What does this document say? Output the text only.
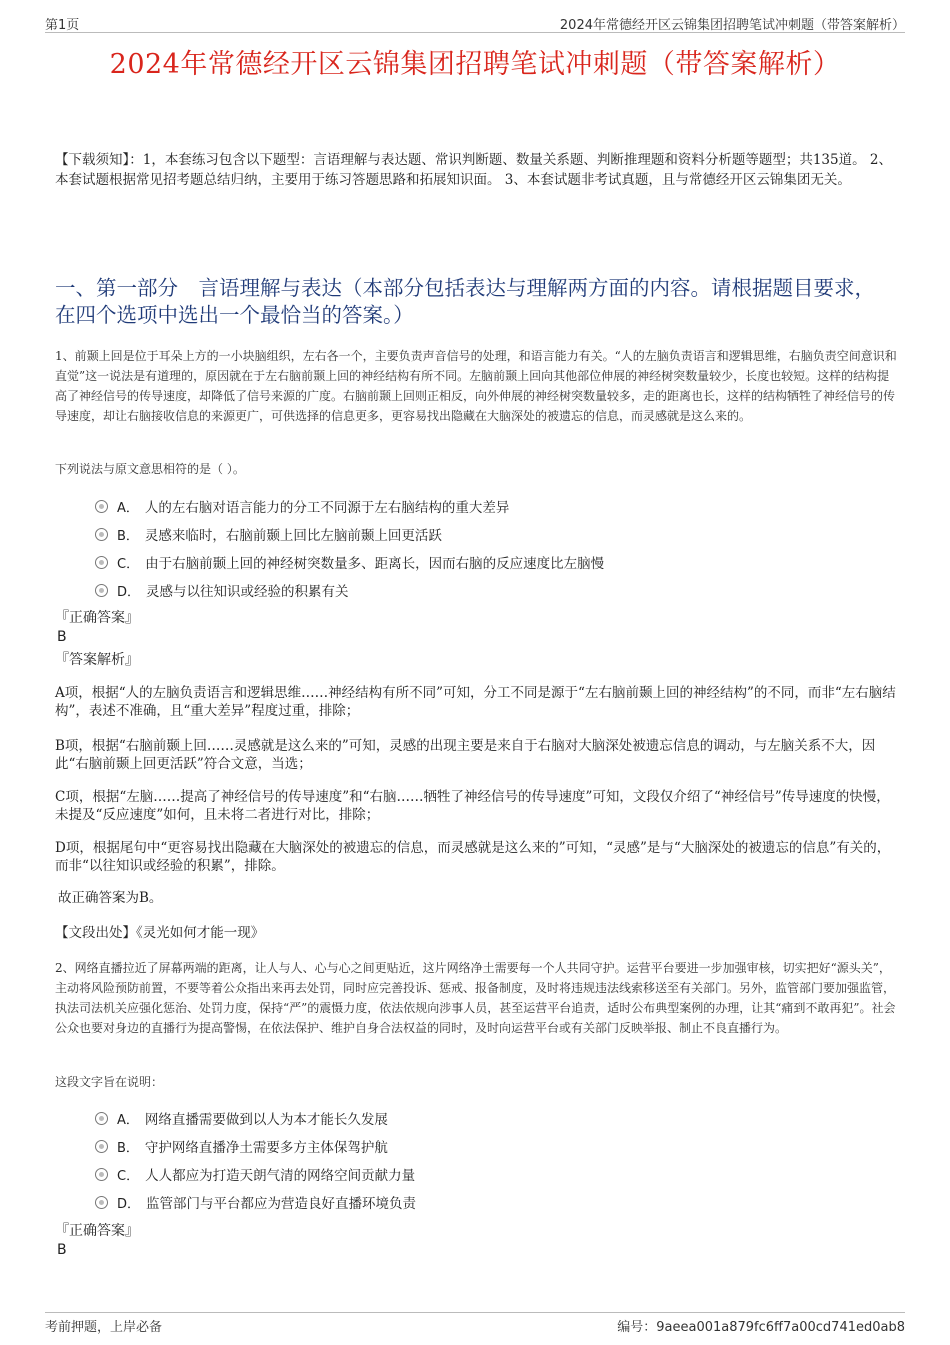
第1页	2024年常德经开区云锦集团招聘笔试冲刺题（带答案解析）
2024年常德经开区云锦集团招聘笔试冲刺题（带答案解析）
【下载须知】：1，本套练习包含以下题型：言语理解与表达题、常识判断题、数量关系题、判断推理题和资料分析题等题型；共135道。 2、本套试题根据常见招考题总结归纳，主要用于练习答题思路和拓展知识面。 3、本套试题非考试真题，且与常德经开区云锦集团无关。
一、第一部分　言语理解与表达（本部分包括表达与理解两方面的内容。请根据题目要求，在四个选项中选出一个最恰当的答案。）
1、前颞上回是位于耳朵上方的一小块脑组织，左右各一个，主要负责声音信号的处理，和语言能力有关。“人的左脑负责语言和逻辑思维，右脑负责空间意识和直觉”这一说法是有道理的，原因就在于左右脑前颞上回的神经结构有所不同。左脑前颞上回向其他部位伸展的神经树突数量较少，长度也较短。这样的结构提高了神经信号的传导速度，却降低了信号来源的广度。右脑前颞上回则正相反，向外伸展的神经树突数量较多，走的距离也长，这样的结构牺牲了神经信号的传导速度，却让右脑接收信息的来源更广，可供选择的信息更多，更容易找出隐藏在大脑深处的被遗忘的信息，而灵感就是这么来的。
下列说法与原文意思相符的是（ ）。
A． 人的左右脑对语言能力的分工不同源于左右脑结构的重大差异
B． 灵感来临时，右脑前颞上回比左脑前颞上回更活跃
C． 由于右脑前颞上回的神经树突数量多、距离长，因而右脑的反应速度比左脑慢
D． 灵感与以往知识或经验的积累有关
『正确答案』
B
『答案解析』
A项，根据“人的左脑负责语言和逻辑思维……神经结构有所不同”可知，分工不同是源于“左右脑前颞上回的神经结构”的不同，而非“左右脑结构”，表述不准确，且“重大差异”程度过重，排除；
B项，根据“右脑前颞上回……灵感就是这么来的”可知，灵感的出现主要是来自于右脑对大脑深处被遗忘信息的调动，与左脑关系不大，因此“右脑前颞上回更活跃”符合文意，当选；
C项，根据“左脑……提高了神经信号的传导速度”和“右脑……牺牲了神经信号的传导速度”可知，文段仅介绍了“神经信号”传导速度的快慢，未提及“反应速度”如何，且未将二者进行对比，排除；
D项，根据尾句中“更容易找出隐藏在大脑深处的被遗忘的信息，而灵感就是这么来的”可知，“灵感”是与“大脑深处的被遗忘的信息”有关的，而非“以往知识或经验的积累”，排除。
故正确答案为B。
【文段出处】《灵光如何才能一现》
2、网络直播拉近了屏幕两端的距离，让人与人、心与心之间更贴近，这片网络净土需要每一个人共同守护。运营平台要进一步加强审核，切实把好“源头关”，主动将风险预防前置，不要等着公众指出来再去处罚，同时应完善投诉、惩戒、报备制度，及时将违规违法线索移送至有关部门。另外，监管部门要加强监管，执法司法机关应强化惩治、处罚力度，保持“严”的震慑力度，依法依规向涉事人员，甚至运营平台追责，适时公布典型案例的办理，让其“痛到不敢再犯”。社会公众也要对身边的直播行为提高警惕，在依法保护、维护自身合法权益的同时，及时向运营平台或有关部门反映举报、制止不良直播行为。
这段文字旨在说明：
A． 网络直播需要做到以人为本才能长久发展
B． 守护网络直播净土需要多方主体保驾护航
C． 人人都应为打造天朗气清的网络空间贡献力量
D． 监管部门与平台都应为营造良好直播环境负责
『正确答案』
B
考前押题，上岸必备	编号：9aeea001a879fc6ff7a00cd741ed0ab8
